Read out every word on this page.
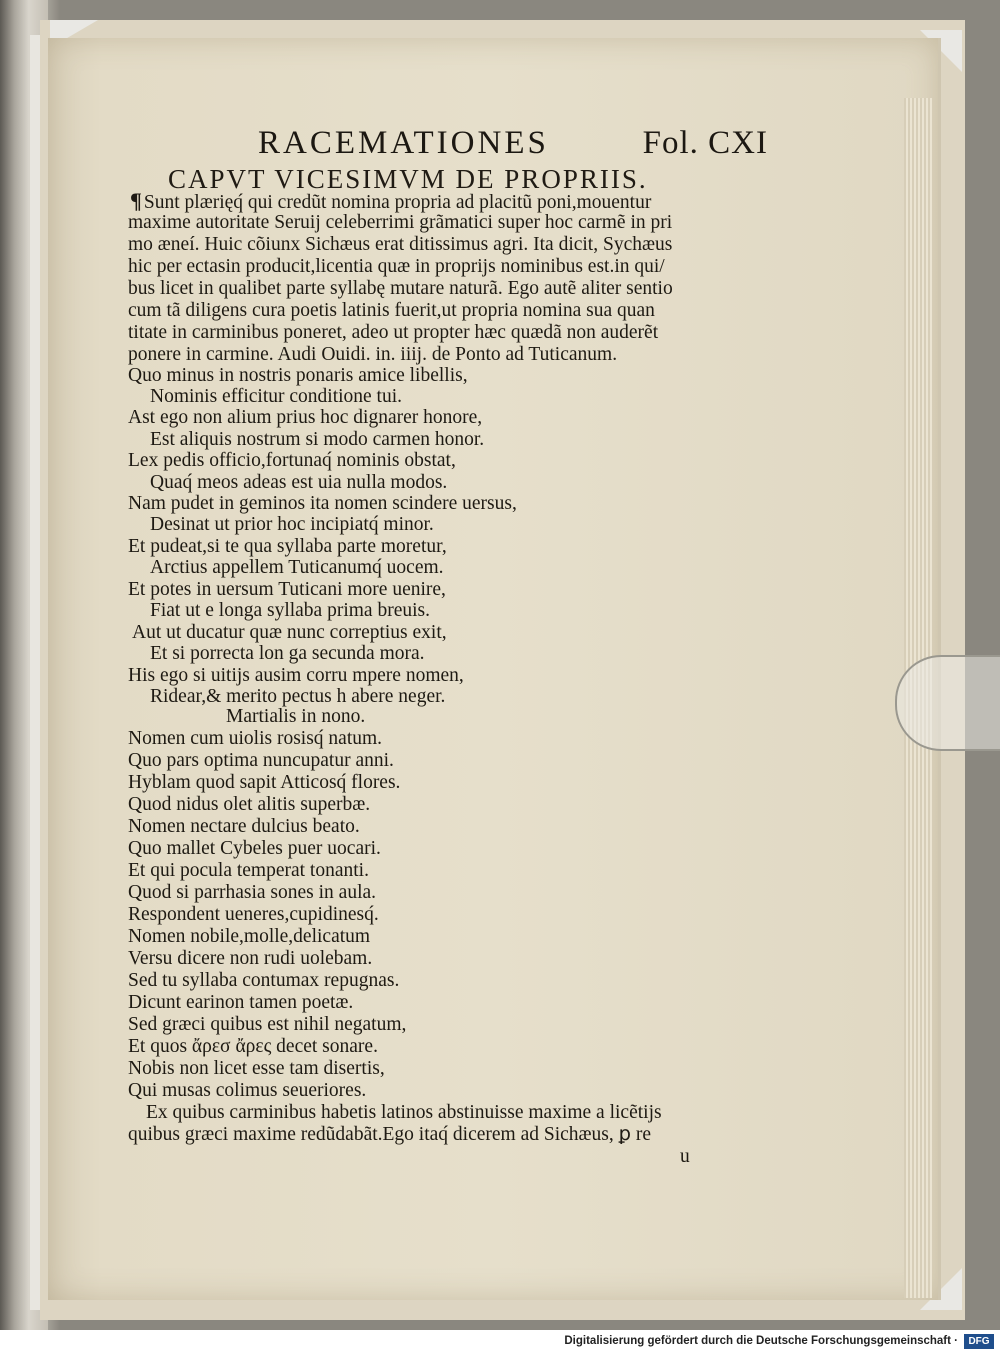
RACEMATIONES	Fol. CXI
CAPVT VICESIMVM DE PROPRIIS.
¶ Sunt plærięq́ qui credũt nomina propria ad placitũ poni,mouentur
maxime autoritate Seruij celeberrimi grãmatici super hoc carmẽ in pri
mo æneí. Huic cõiunx Sichæus erat ditissimus agri. Ita dicit, Sychæus
hic per ectasin producit,licentia quæ in proprijs nominibus est.in qui/
bus licet in qualibet parte syllabę mutare naturã. Ego autẽ aliter sentio
cum tã diligens cura poetis latinis fuerit,ut propria nomina sua quan
titate in carminibus poneret, adeo ut propter hæc quædã non auderẽt
ponere in carmine. Audi Ouidi. in. iiij. de Ponto ad Tuticanum.
Quo minus in nostris ponaris amice libellis,
Nominis efficitur conditione tui.
Ast ego non alium prius hoc dignarer honore,
Est aliquis nostrum si modo carmen honor.
Lex pedis officio,fortunaq́ nominis obstat,
Quaq́ meos adeas est uia nulla modos.
Nam pudet in geminos ita nomen scindere uersus,
Desinat ut prior hoc incipiatq́ minor.
Et pudeat,si te qua syllaba parte moretur,
Arctius appellem Tuticanumq́ uocem.
Et potes in uersum Tuticani more uenire,
Fiat ut e longa syllaba prima breuis.
Aut ut ducatur quæ nunc correptius exit,
Et si porrecta lon ga secunda mora.
His ego si uitijs ausim corru mpere nomen,
Ridear,& merito pectus h abere neger.
Martialis in nono.
Nomen cum uiolis rosisq́ natum.
Quo pars optima nuncupatur anni.
Hyblam quod sapit Atticosq́ flores.
Quod nidus olet alitis superbæ.
Nomen nectare dulcius beato.
Quo mallet Cybeles puer uocari.
Et qui pocula temperat tonanti.
Quod si parrhasia sones in aula.
Respondent ueneres,cupidinesq́.
Nomen nobile,molle,delicatum
Versu dicere non rudi uolebam.
Sed tu syllaba contumax repugnas.
Dicunt earinon tamen poetæ.
Sed græci quibus est nihil negatum,
Et quos ἄρεσ ἄρες decet sonare.
Nobis non licet esse tam disertis,
Qui musas colimus seueriores.
Ex quibus carminibus habetis latinos abstinuisse maxime a licẽtijs
quibus græci maxime redũdabãt.Ego itaq́ dicerem ad Sichæus, ꝑ re
u
Digitalisierung gefördert durch die Deutsche Forschungsgemeinschaft ·	DFG
